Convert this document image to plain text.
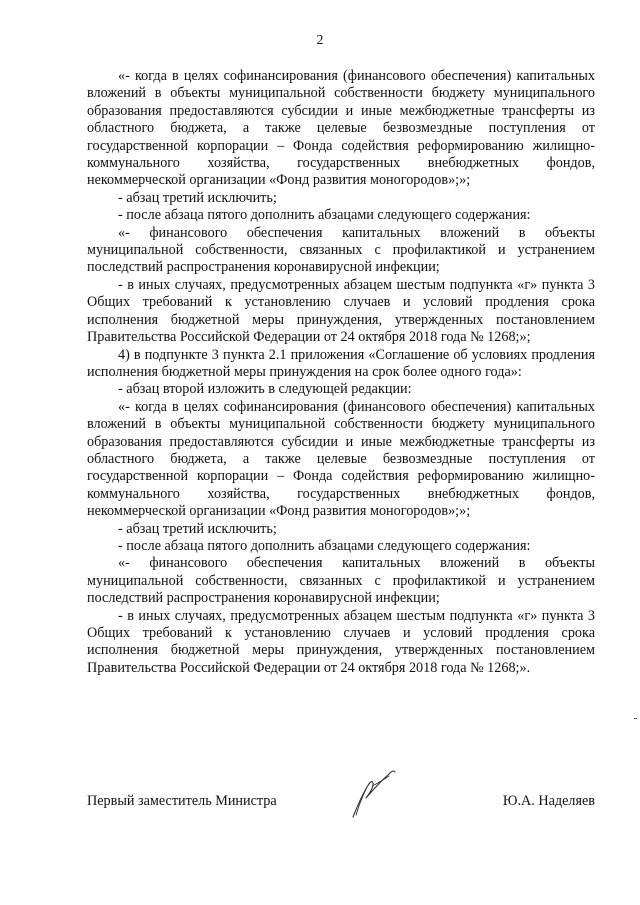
2

«- когда в целях софинансирования (финансового обеспечения) капитальных вложений в объекты муниципальной собственности бюджету муниципального образования предоставляются субсидии и иные межбюджетные трансферты из областного бюджета, а также целевые безвозмездные поступления от государственной корпорации – Фонда содействия реформированию жилищно-коммунального хозяйства, государственных внебюджетных фондов, некоммерческой организации «Фонд развития моногородов»;»;

- абзац третий исключить;

- после абзаца пятого дополнить абзацами следующего содержания:

«- финансового обеспечения капитальных вложений в объекты муниципальной собственности, связанных с профилактикой и устранением последствий распространения коронавирусной инфекции;

- в иных случаях, предусмотренных абзацем шестым подпункта «г» пункта 3 Общих требований к установлению случаев и условий продления срока исполнения бюджетной меры принуждения, утвержденных постановлением Правительства Российской Федерации от 24 октября 2018 года № 1268;»;

4) в подпункте 3 пункта 2.1 приложения «Соглашение об условиях продления исполнения бюджетной меры принуждения на срок более одного года»:

- абзац второй изложить в следующей редакции:

«- когда в целях софинансирования (финансового обеспечения) капитальных вложений в объекты муниципальной собственности бюджету муниципального образования предоставляются субсидии и иные межбюджетные трансферты из областного бюджета, а также целевые безвозмездные поступления от государственной корпорации – Фонда содействия реформированию жилищно-коммунального хозяйства, государственных внебюджетных фондов, некоммерческой организации «Фонд развития моногородов»;»;

- абзац третий исключить;

- после абзаца пятого дополнить абзацами следующего содержания:

«- финансового обеспечения капитальных вложений в объекты муниципальной собственности, связанных с профилактикой и устранением последствий распространения коронавирусной инфекции;

- в иных случаях, предусмотренных абзацем шестым подпункта «г» пункта 3 Общих требований к установлению случаев и условий продления срока исполнения бюджетной меры принуждения, утвержденных постановлением Правительства Российской Федерации от 24 октября 2018 года № 1268;».

Первый заместитель Министра	Ю.А. Наделяев
